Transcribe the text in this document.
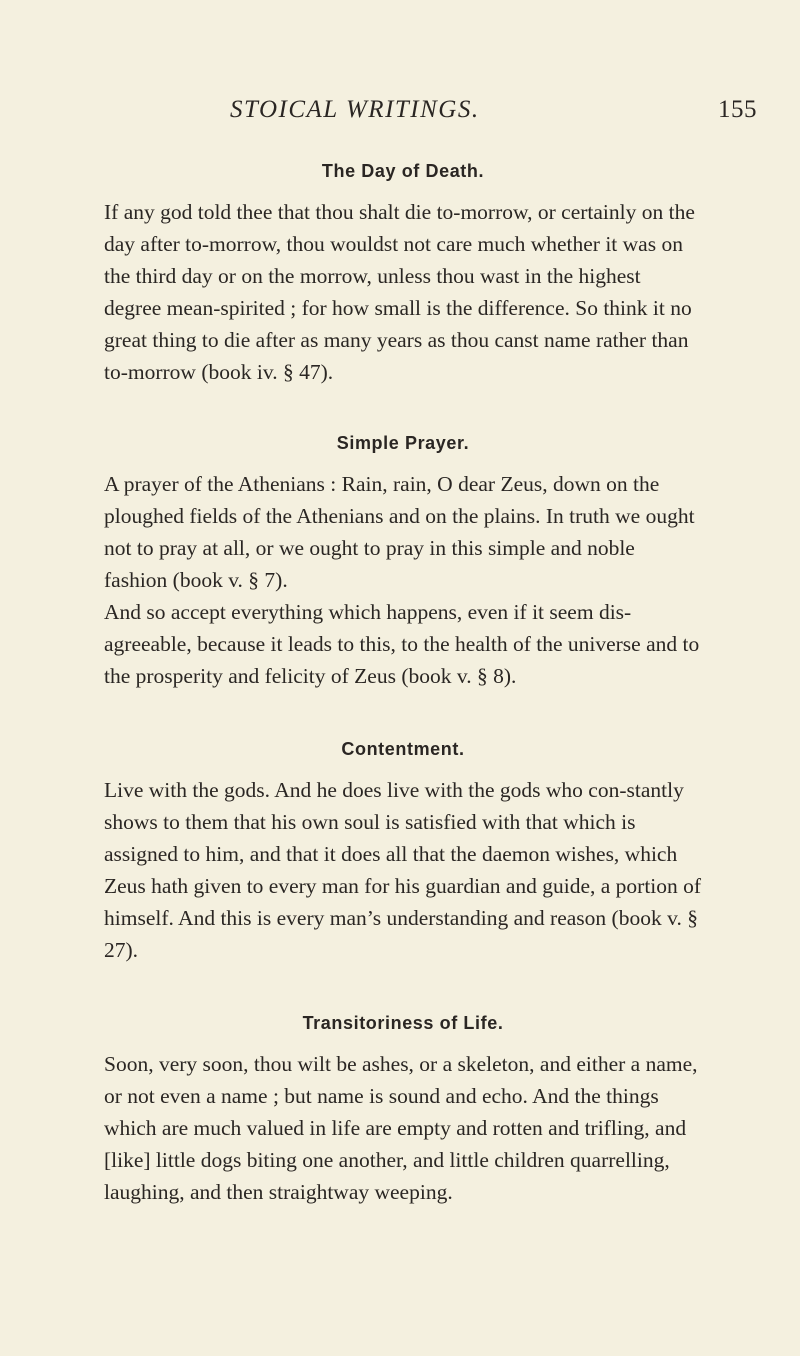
STOICAL WRITINGS.	155
The Day of Death.

If any god told thee that thou shalt die to-morrow, or certainly on the day after to-morrow, thou wouldst not care much whether it was on the third day or on the morrow, unless thou wast in the highest degree mean-spirited ; for how small is the difference. So think it no great thing to die after as many years as thou canst name rather than to-morrow (book iv. § 47).

Simple Prayer.

A prayer of the Athenians : Rain, rain, O dear Zeus, down on the ploughed fields of the Athenians and on the plains. In truth we ought not to pray at all, or we ought to pray in this simple and noble fashion (book v. § 7).

And so accept everything which happens, even if it seem dis-agreeable, because it leads to this, to the health of the universe and to the prosperity and felicity of Zeus (book v. § 8).

Contentment.

Live with the gods. And he does live with the gods who con-stantly shows to them that his own soul is satisfied with that which is assigned to him, and that it does all that the daemon wishes, which Zeus hath given to every man for his guardian and guide, a portion of himself. And this is every man’s understanding and reason (book v. § 27).

Transitoriness of Life.

Soon, very soon, thou wilt be ashes, or a skeleton, and either a name, or not even a name ; but name is sound and echo. And the things which are much valued in life are empty and rotten and trifling, and [like] little dogs biting one another, and little children quarrelling, laughing, and then straightway weeping.
